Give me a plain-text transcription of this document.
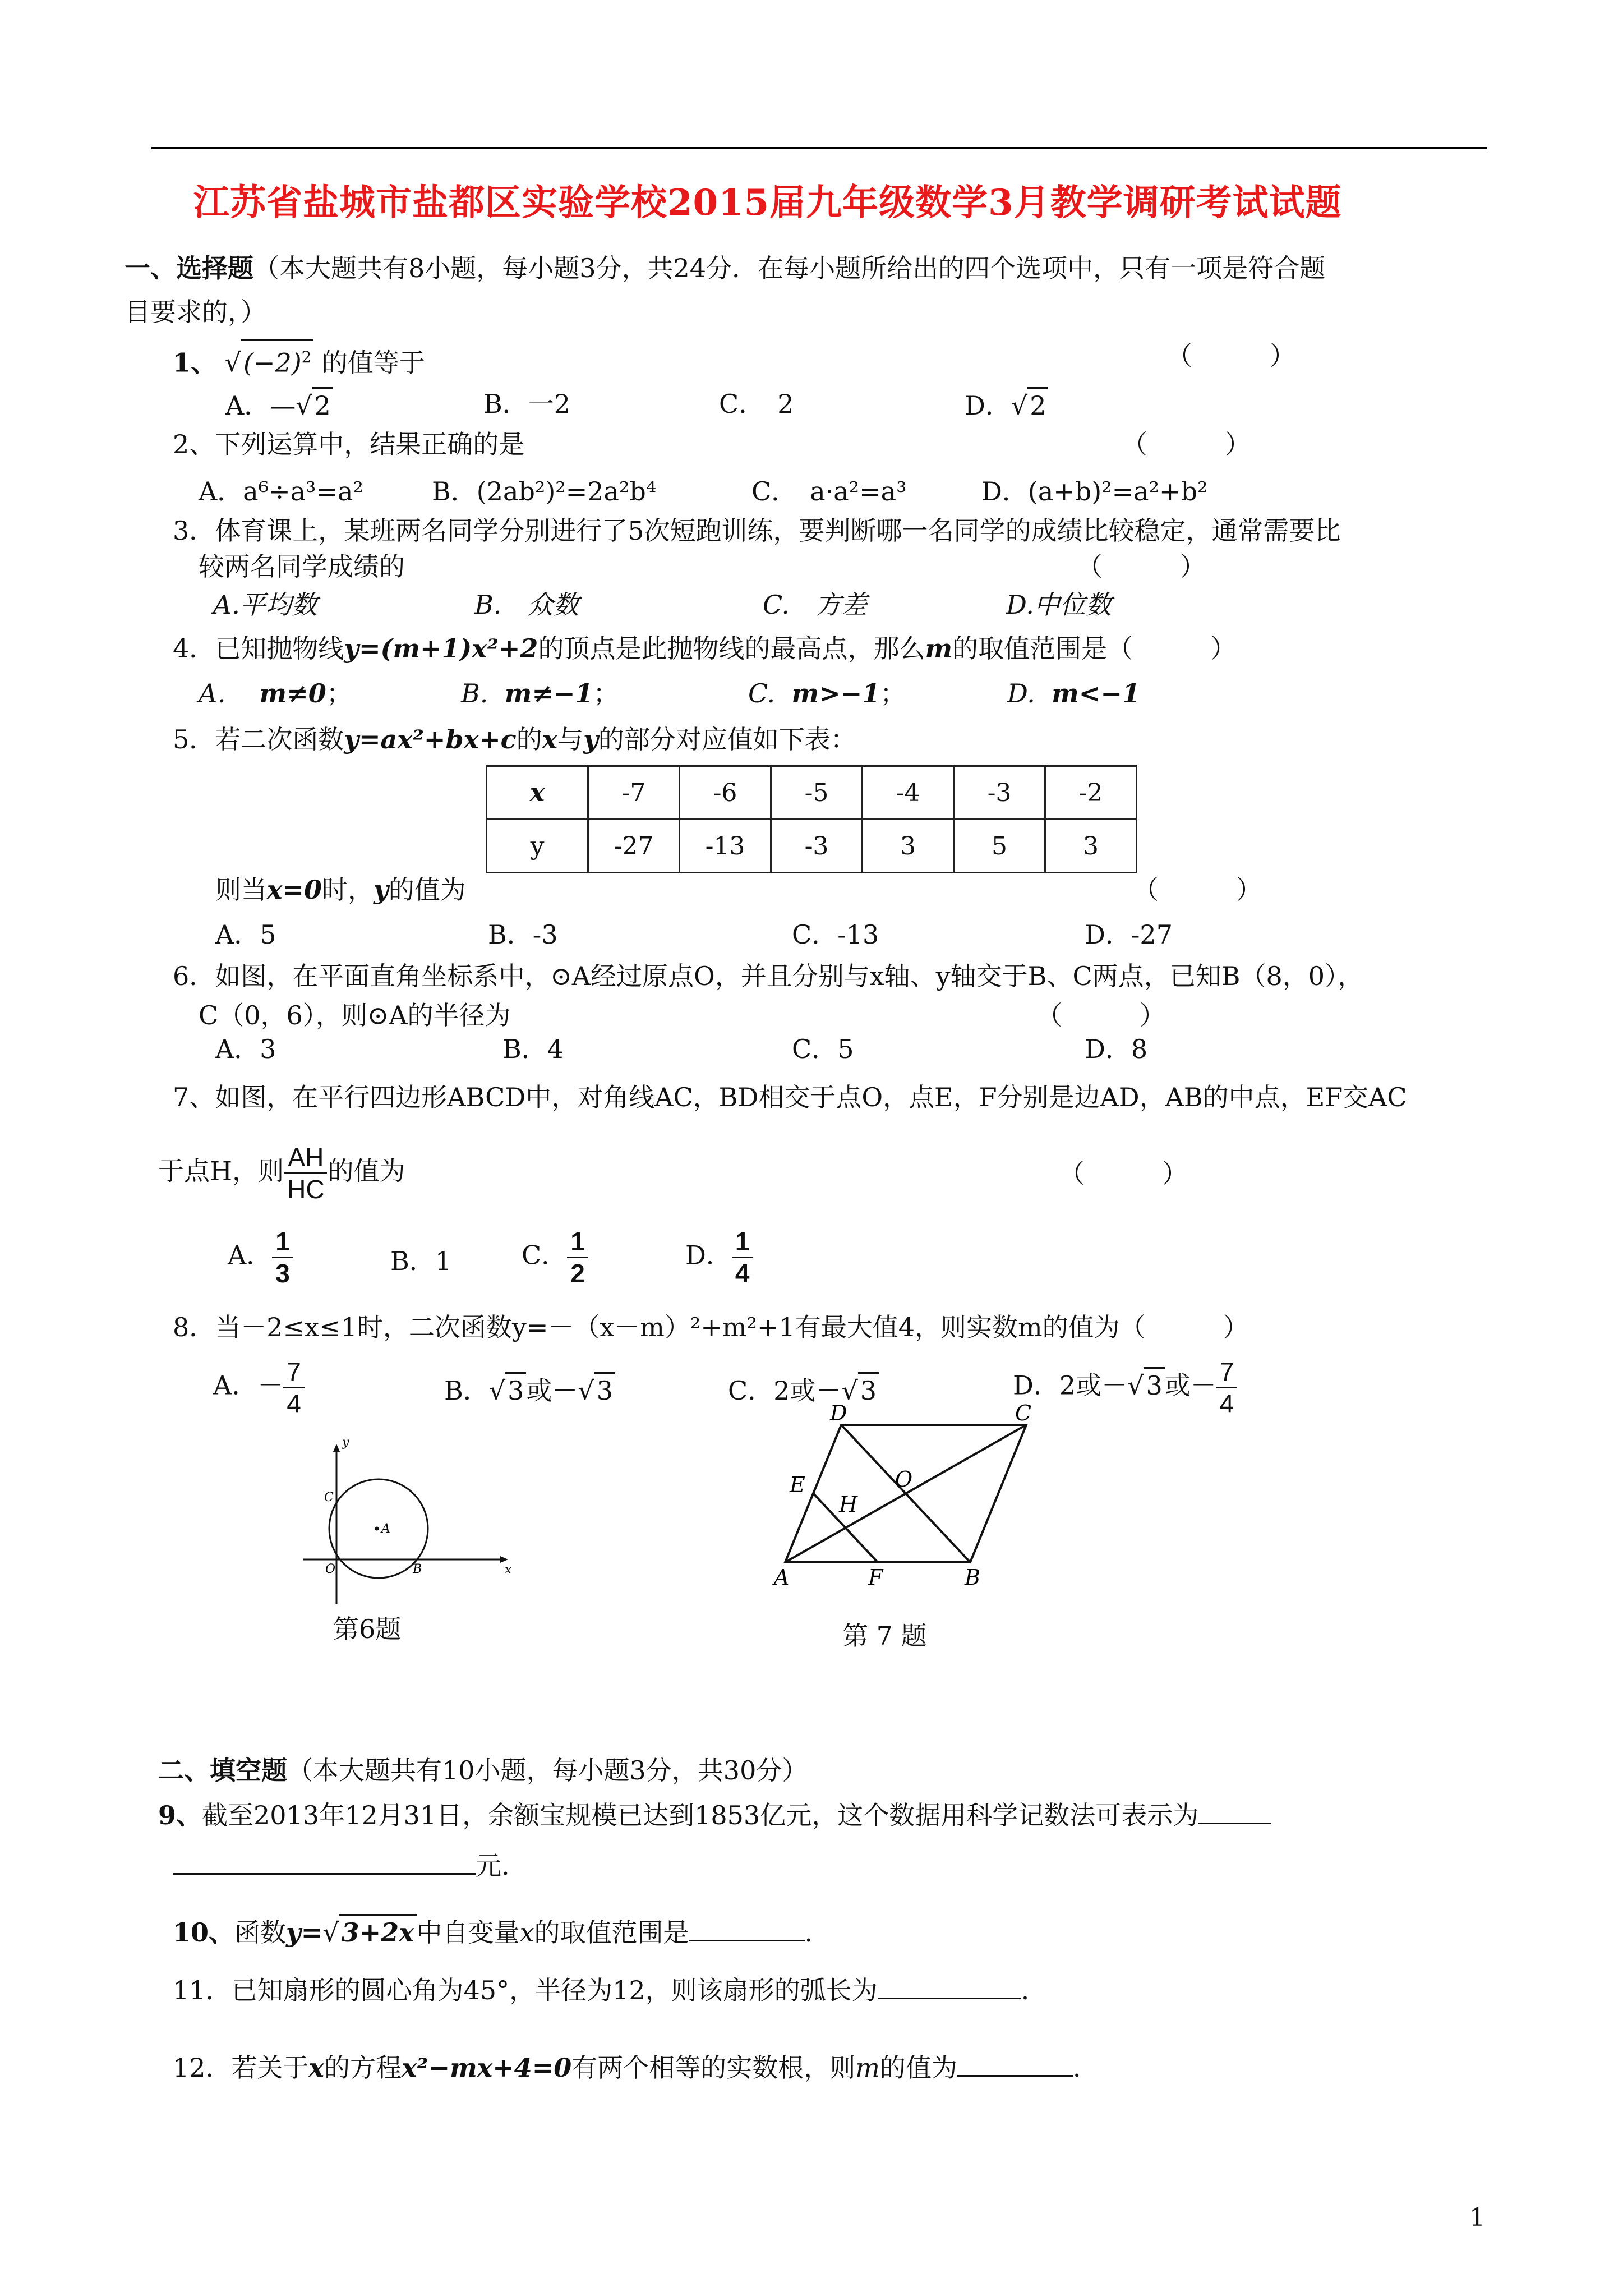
江苏省盐城市盐都区实验学校2015届九年级数学3月教学调研考试试题
一、选择题（本大题共有8小题，每小题3分，共24分．在每小题所给出的四个选项中，只有一项是符合题
目要求的，）
1、 √ $(-2)^2$ 的值等于	（　　　）
A．—√ 2	B．一2	C．　2	D．√ 2
2、下列运算中，结果正确的是	（　　　）
A．a⁶÷a³=a²	B．(2ab²)²=2a²b⁴	C．　a·a²=a³	D．(a+b)²=a²+b²
3．体育课上，某班两名同学分别进行了5次短跑训练，要判断哪一名同学的成绩比较稳定，通常需要比
较两名同学成绩的	（　　　）
A.平均数	B.　众数	C.　方差	D.中位数
4．已知抛物线y=(m+1)x²+2的顶点是此抛物线的最高点，那么m的取值范围是（　　　）
A． m≠0；	B. m≠−1；	C. m>−1；	D. m<−1
5．若二次函数y=ax²+bx+c的x与y的部分对应值如下表：
x	-7	-6	-5	-4	-3	-2
y	-27	-13	-3	3	5	3
则当x=0时，y的值为	（　　　）
A．5	B．-3	C．-13	D．-27
6．如图，在平面直角坐标系中，⊙A经过原点O，并且分别与x轴、y轴交于B、C两点，已知B（8，0），
C（0，6），则⊙A的半径为	（　　　）
A．3	B．4	C．5	D．8
7、如图，在平行四边形ABCD中，对角线AC，BD相交于点O，点E，F分别是边AD，AB的中点，EF交AC
于点H，则 $\frac{AH}{HC}$ 的值为	（　　　）
A． $\frac{1}{3}$	B．1	C． $\frac{1}{2}$	D． $\frac{1}{4}$
8．当－2≤x≤1时，二次函数y=－（x－m）²+m²+1有最大值4，则实数m的值为（　　　）
A．－ $\frac{7}{4}$	B．√ 3 或－√ 3	C．2或－√ 3	D．2或－√ 3 或－ $\frac{7}{4}$
y
x
C
A
O	B
第6题
A	B
C
D
E
F
H
O
第 7 题
二、填空题（本大题共有10小题，每小题3分，共30分）
9、截至2013年12月31日，余额宝规模已达到1853亿元，这个数据用科学记数法可表示为
元.
10、函数y=√ 3+2x 中自变量x的取值范围是	.
11．已知扇形的圆心角为45°，半径为12，则该扇形的弧长为	.
12．若关于x的方程x²−mx+4=0有两个相等的实数根，则m的值为	.
1
